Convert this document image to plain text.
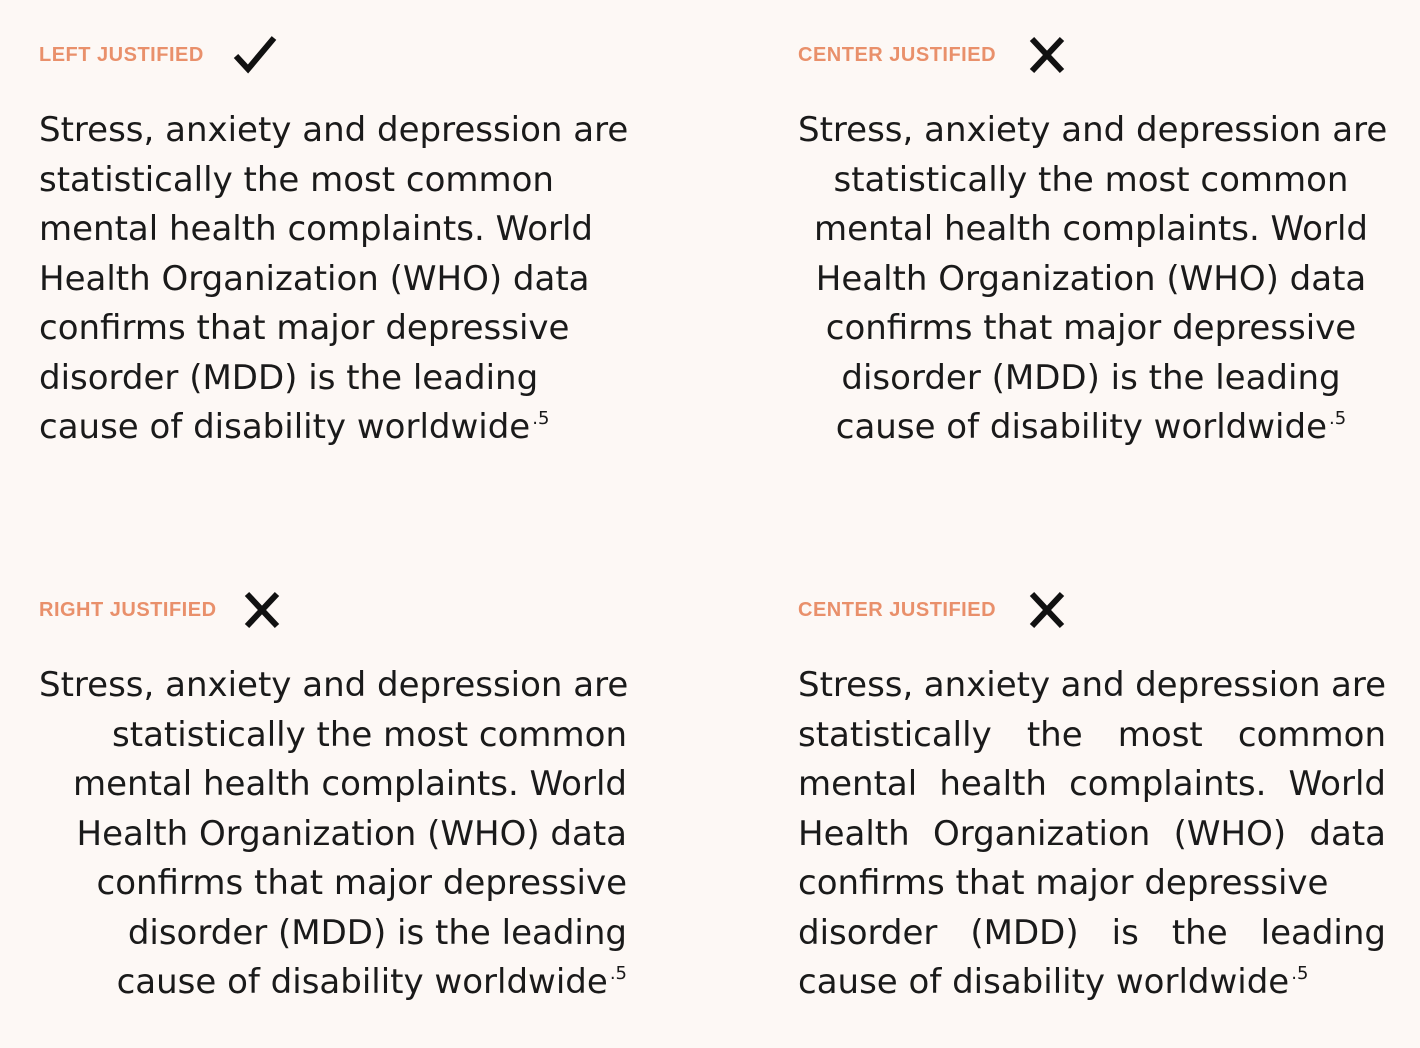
LEFT JUSTIFIED
Stress, anxiety and depression are
statistically the most common
mental health complaints. World
Health Organization (WHO) data
confirms that major depressive
disorder (MDD) is the leading
cause of disability worldwide $^{.5}$
CENTER JUSTIFIED
Stress, anxiety and depression are
statistically the most common
mental health complaints. World
Health Organization (WHO) data
confirms that major depressive
disorder (MDD) is the leading
cause of disability worldwide $^{.5}$
RIGHT JUSTIFIED
Stress, anxiety and depression are
statistically the most common
mental health complaints. World
Health Organization (WHO) data
confirms that major depressive
disorder (MDD) is the leading
cause of disability worldwide $^{.5}$
CENTER JUSTIFIED
Stress, anxiety and depression are
statistically the most common
mental health complaints. World
Health Organization (WHO) data
confirms that major depressive
disorder (MDD) is the leading
cause of disability worldwide $^{.5}$
